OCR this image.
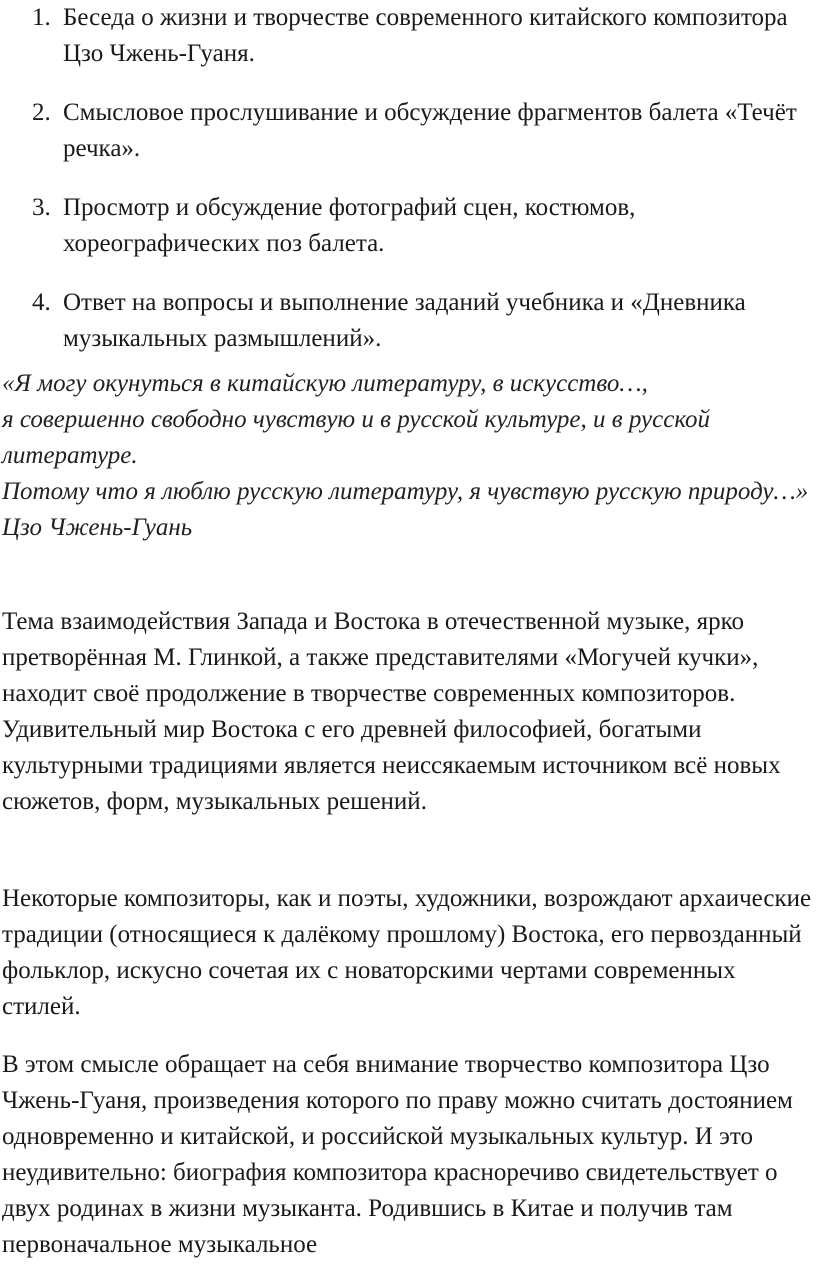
1. Беседа о жизни и творчестве современного китайского композитора Цзо Чжень-Гуаня.
2. Смысловое прослушивание и обсуждение фрагментов балета «Течёт речка».
3. Просмотр и обсуждение фотографий сцен, костюмов, хореографических поз балета.
4. Ответ на вопросы и выполнение заданий учебника и «Дневника музыкальных размышлений».
«Я могу окунуться в китайскую литературу, в искусство…,
я совершенно свободно чувствую и в русской культуре, и в русской литературе.
Потому что я люблю русскую литературу, я чувствую русскую природу…»
Цзо Чжень-Гуань

Тема взаимодействия Запада и Востока в отечественной музыке, ярко претворённая М. Глинкой, а также представителями «Могучей кучки», находит своё продолжение в творчестве современных композиторов. Удивительный мир Востока с его древней философией, богатыми культурными традициями является неиссякаемым источником всё новых сюжетов, форм, музыкальных решений.

Некоторые композиторы, как и поэты, художники, возрождают архаические традиции (относящиеся к далёкому прошлому) Востока, его первозданный фольклор, искусно сочетая их с новаторскими чертами современных стилей.

В этом смысле обращает на себя внимание творчество композитора Цзо Чжень-Гуаня, произведения которого по праву можно считать достоянием одновременно и китайской, и российской музыкальных культур. И это неудивительно: биография композитора красноречиво свидетельствует о двух родинах в жизни музыканта. Родившись в Китае и получив там первоначальное музыкальное
